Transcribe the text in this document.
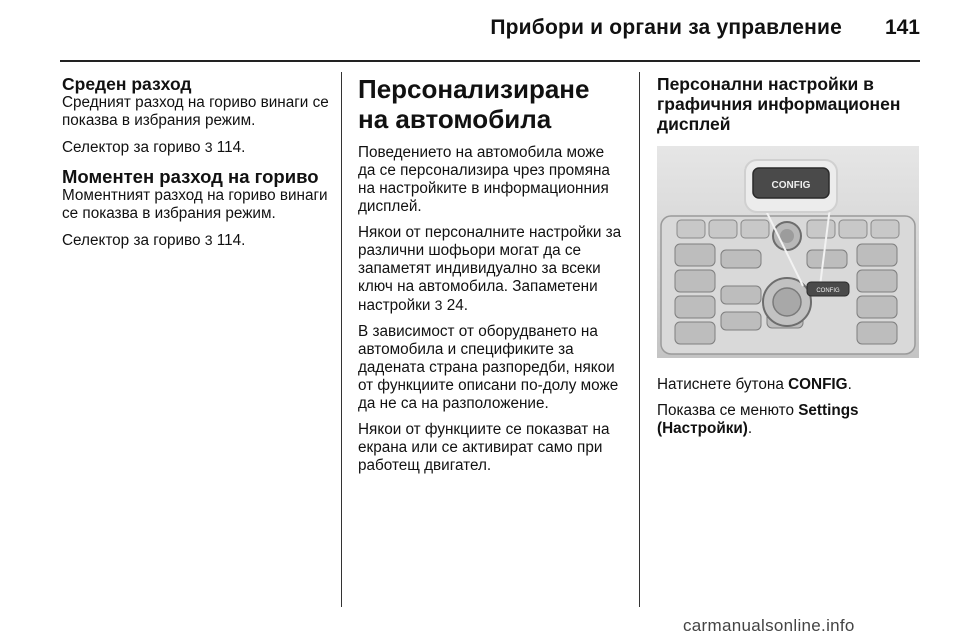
Прибори и органи за управление 141
Среден разход

Средният разход на гориво винаги се показва в избрания режим.

Селектор за гориво 3 114.

Моментен разход на гориво

Моментният разход на гориво винаги се показва в избрания режим.

Селектор за гориво 3 114.

Персонализиране на автомобила

Поведението на автомобила може да се персонализира чрез промяна на настройките в информационния дисплей.

Някои от персоналните настройки за различни шофьори могат да се запаметят индивидуално за всеки ключ на автомобила. Запаметени настройки 3 24.

В зависимост от оборудването на автомобила и спецификите за дадената страна разпоредби, някои от функциите описани по-долу може да не са на разположение.

Някои от функциите се показват на екрана или се активират само при работещ двигател.

Персонални настройки в графичния информационен дисплей
CONFIG
CONFIG

Натиснете бутона CONFIG.

Показва се менюто Settings (Настройки).

carmanualsonline.info
